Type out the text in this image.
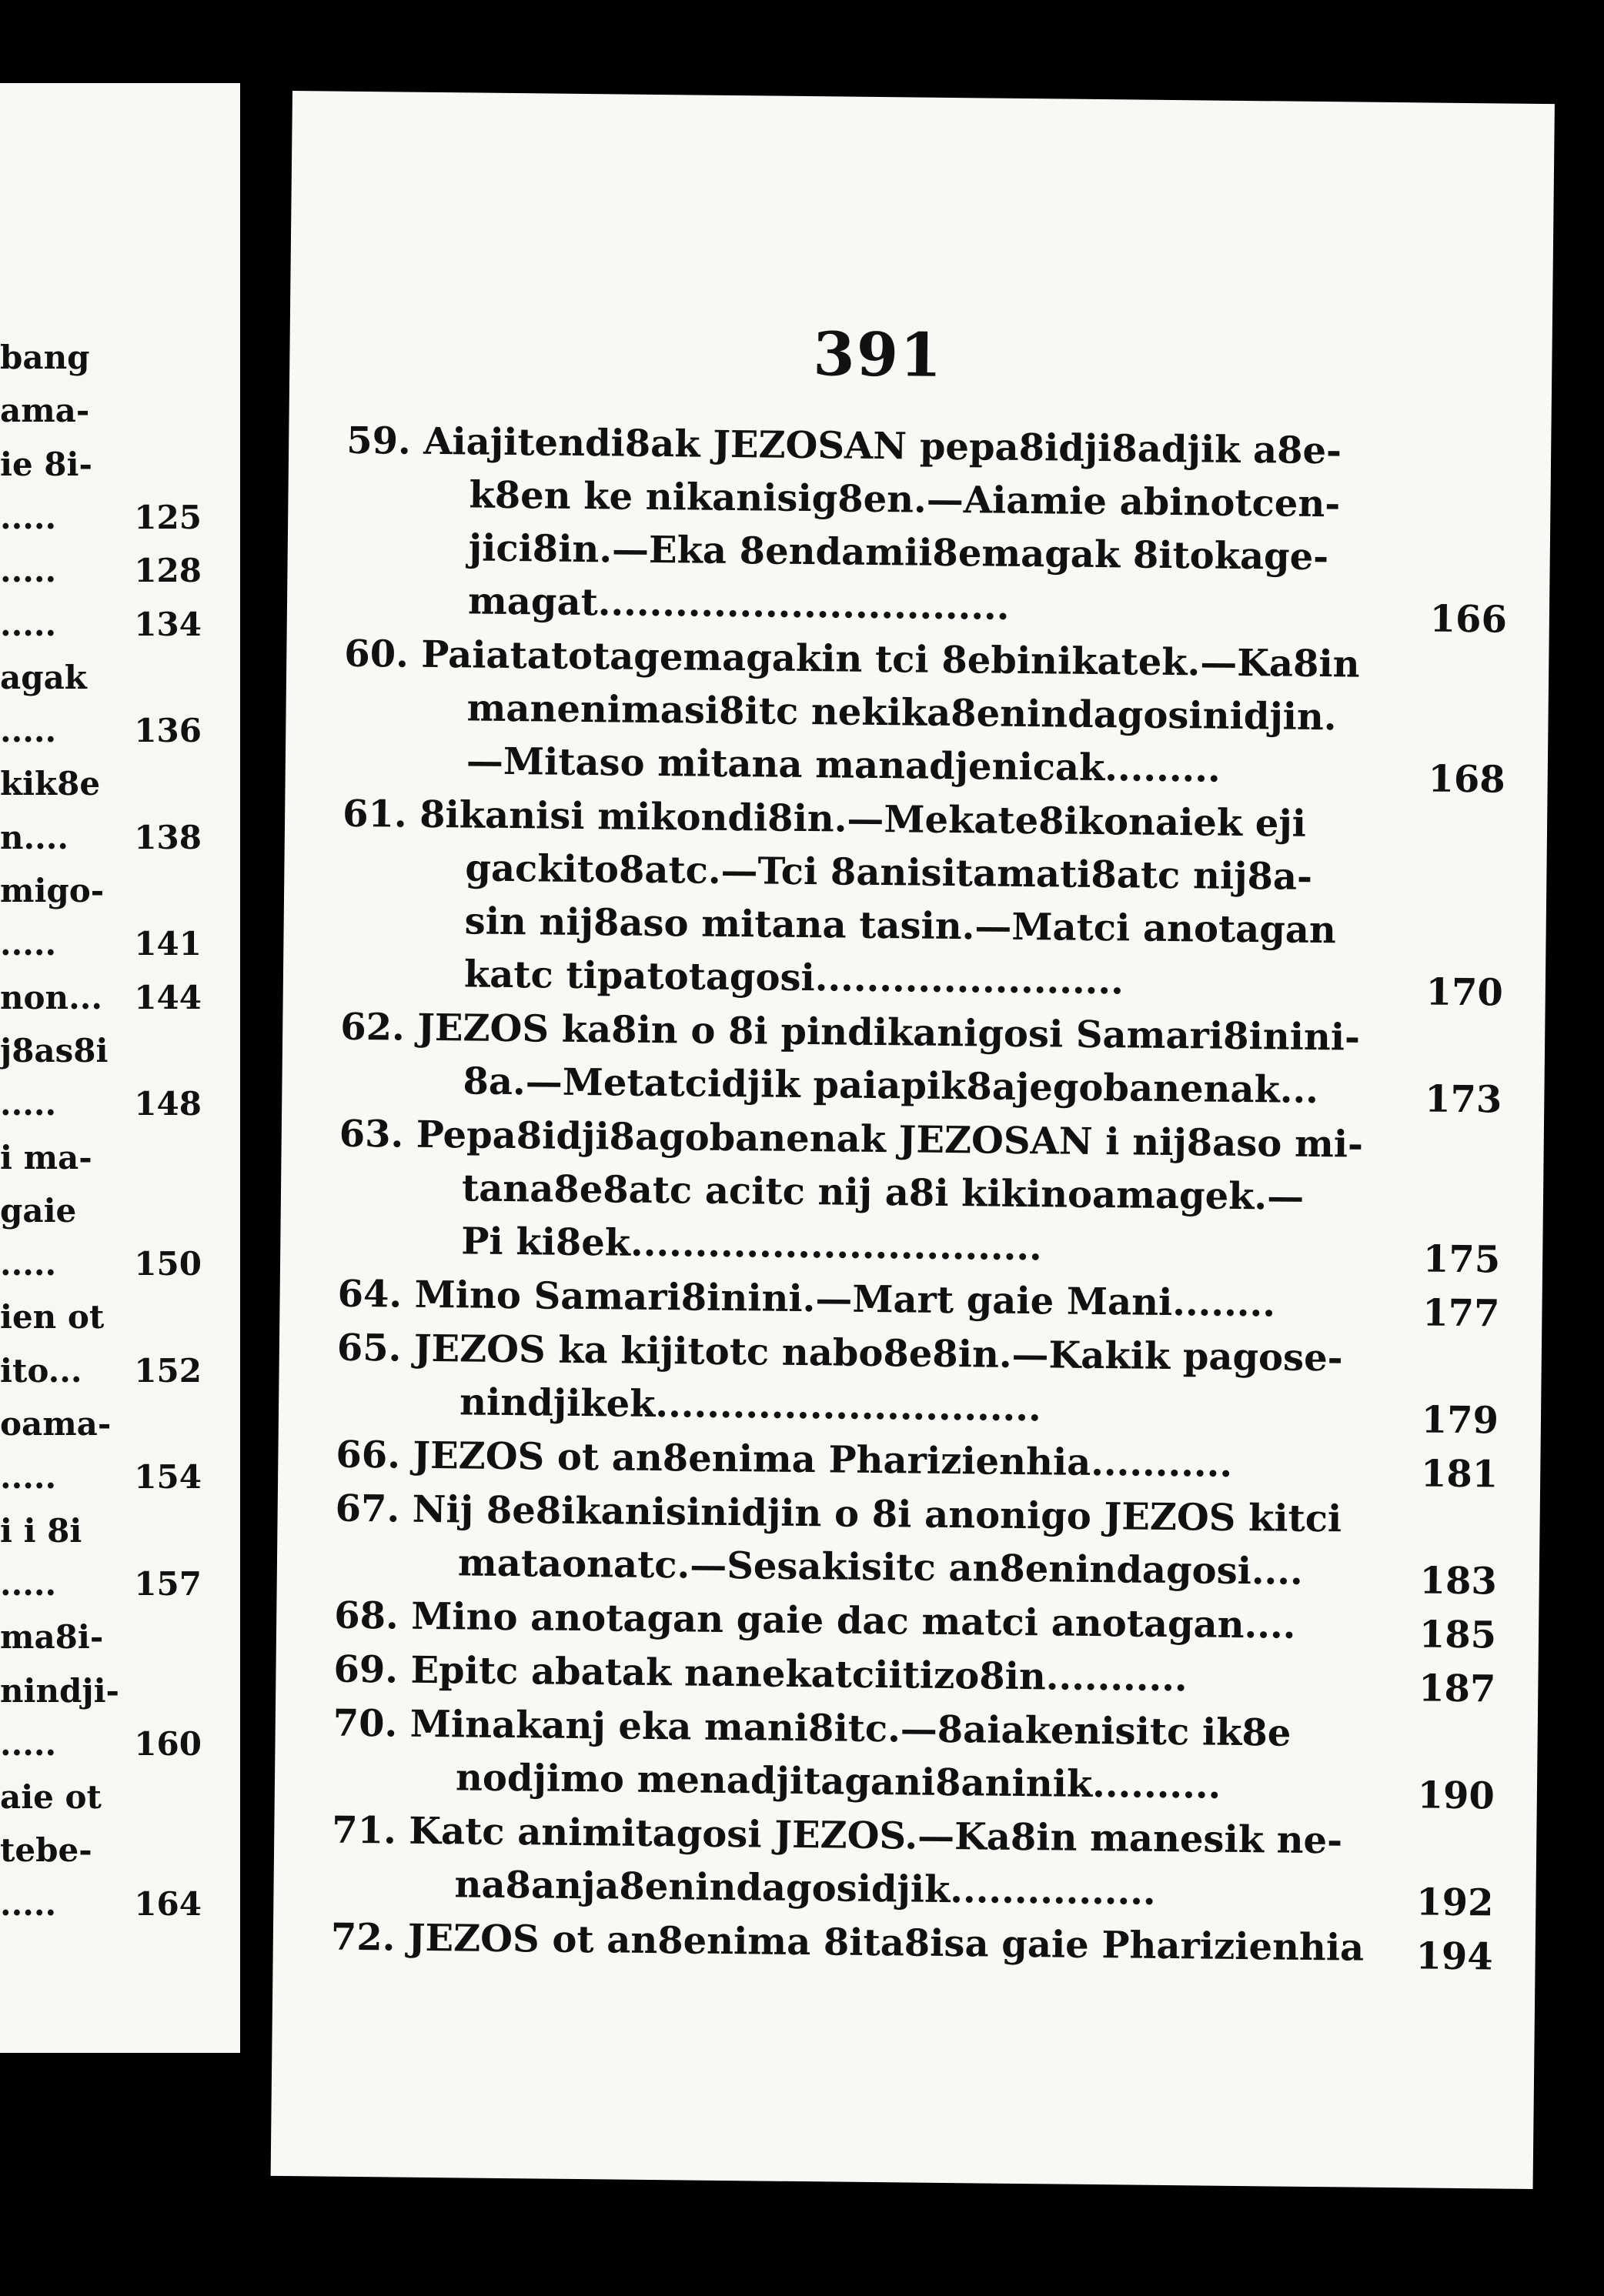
bang
ama-
ie 8i-
..... 125
..... 128
..... 134
agak
..... 136
kik8e
n.... 138
migo-
..... 141
non... 144
j8as8i
..... 148
i ma-
gaie
..... 150
ien ot
ito... 152
oama-
..... 154
i i 8i
..... 157
ma8i-
nindji-
..... 160
aie ot
tebe-
..... 164
391
59. Aiajitendi8ak JEZOSAN pepa8idji8adjik a8e-
k8en ke nikanisig8en.—Aiamie abinotcen-
jici8in.—Eka 8endamii8emagak 8itokage-
magat................................	166
60. Paiatatotagemagakin tci 8ebinikatek.—Ka8in
manenimasi8itc nekika8enindagosinidjin.
—Mitaso mitana manadjenicak.........	168
61. 8ikanisi mikondi8in.—Mekate8ikonaiek eji
gackito8atc.—Tci 8anisitamati8atc nij8a-
sin nij8aso mitana tasin.—Matci anotagan
katc tipatotagosi........................	170
62. JEZOS ka8in o 8i pindikanigosi Samari8inini-
8a.—Metatcidjik paiapik8ajegobanenak...	173
63. Pepa8idji8agobanenak JEZOSAN i nij8aso mi-
tana8e8atc acitc nij a8i kikinoamagek.—
Pi ki8ek................................	175
64. Mino Samari8inini.—Mart gaie Mani........	177
65. JEZOS ka kijitotc nabo8e8in.—Kakik pagose-
nindjikek..............................	179
66. JEZOS ot an8enima Pharizienhia...........	181
67. Nij 8e8ikanisinidjin o 8i anonigo JEZOS kitci
mataonatc.—Sesakisitc an8enindagosi....	183
68. Mino anotagan gaie dac matci anotagan....	185
69. Epitc abatak nanekatciitizo8in...........	187
70. Minakanj eka mani8itc.—8aiakenisitc ik8e
nodjimo menadjitagani8aninik..........	190
71. Katc animitagosi JEZOS.—Ka8in manesik ne-
na8anja8enindagosidjik................	192
72. JEZOS ot an8enima 8ita8isa gaie Pharizienhia 194
